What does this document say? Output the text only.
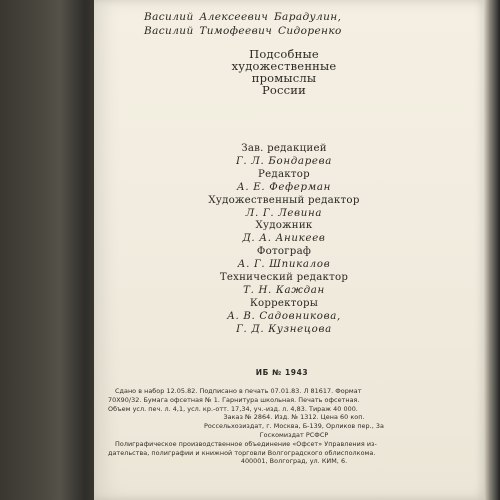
Василий Алексеевич Барадулин,
Василий Тимофеевич Сидоренко
Подсобные
художественные
промыслы
России
Зав. редакцией
Г. Л. Бондарева
Редактор
А. Е. Феферман
Художественный редактор
Л. Г. Левина
Художник
Д. А. Аникеев
Фотограф
А. Г. Шпикалов
Технический редактор
Т. Н. Каждан
Корректоры
А. В. Садовникова,
Г. Д. Кузнецова
ИБ № 1943
Сдано в набор 12.05.82. Подписано в печать 07.01.83. Л 81617. Формат
70X90/32. Бумага офсетная № 1. Гарнитура школьная. Печать офсетная.
Объем усл. печ. л. 4,1, усл. кр.-отт. 17,34, уч.-изд. л. 4,83. Тираж 40 000.
Заказ № 2864. Изд. № 1312. Цена 60 коп.
Россельхозиздат, г. Москва, Б-139, Орликов пер., 3а
Госкомиздат РСФСР
Полиграфическое производственное объединение «Офсет» Управления из-
дательства, полиграфии и книжной торговли Волгоградского облисполкома.
400001, Волгоград, ул. КИМ, 6.
